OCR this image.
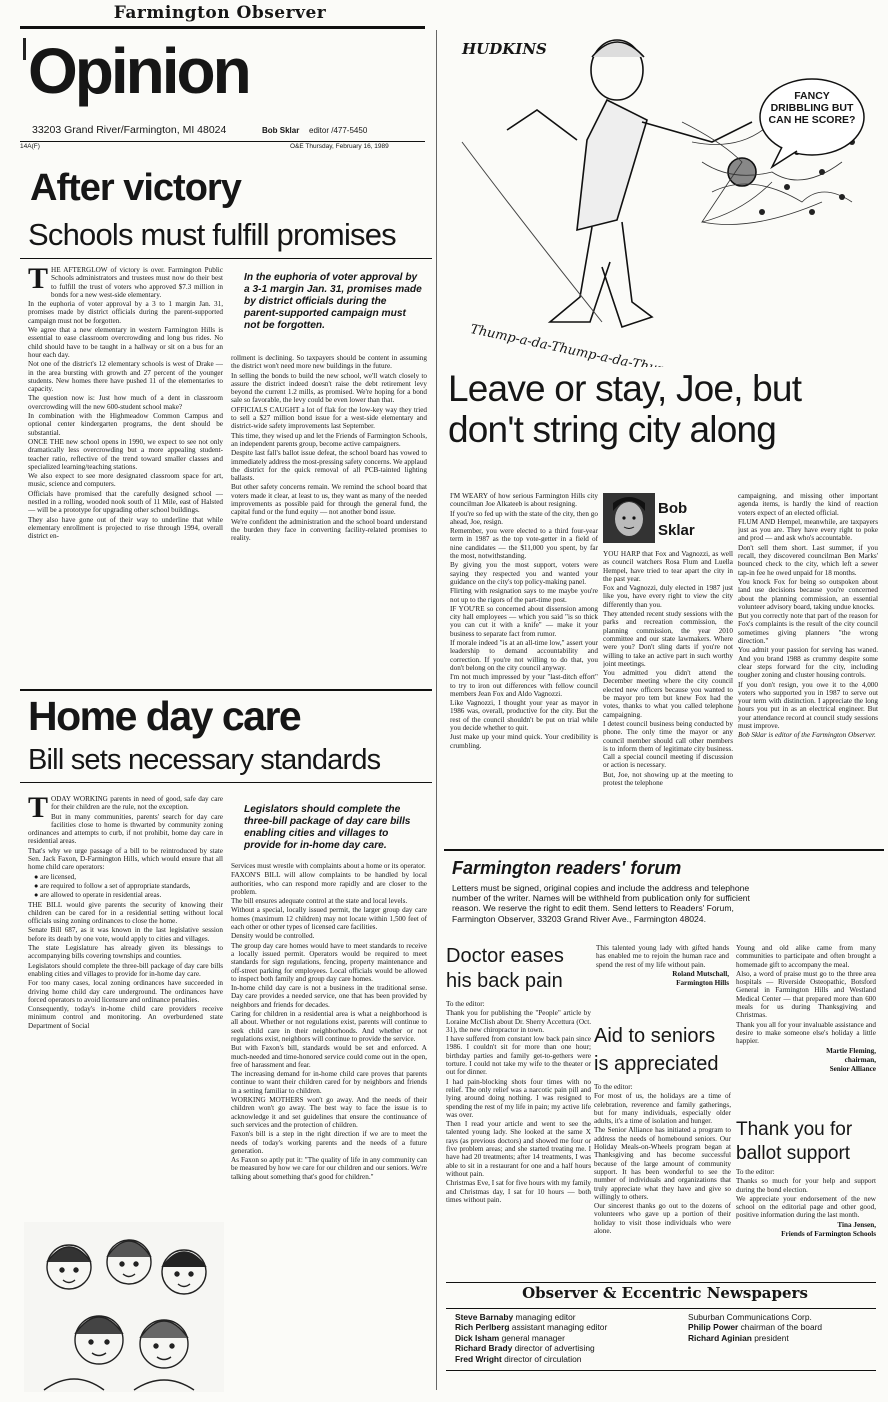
Farmington Observer
Opinion
33203 Grand River/Farmington, MI 48024	Bob Sklar editor /477-5450
14A(F)	O&E Thursday, February 16, 1989
After victory
Schools must fulfill promises
In the euphoria of voter approval by a 3-1 margin Jan. 31, promises made by district officials during the parent-supported campaign must not be forgotten.

THE AFTERGLOW of victory is over. Farmington Public Schools administrators and trustees must now do their best to fulfill the trust of voters who approved $7.3 million in bonds for a new west-side elementary.

In the euphoria of voter approval by a 3 to 1 margin Jan. 31, promises made by district officials during the parent-supported campaign must not be forgotten.

We agree that a new elementary in western Farmington Hills is essential to ease classroom overcrowding and long bus rides. No child should have to be taught in a hallway or sit on a bus for an hour each day.

Not one of the district's 12 elementary schools is west of Drake — in the area bursting with growth and 27 percent of the younger students. New homes there have pushed 11 of the elementaries to capacity.

The question now is: Just how much of a dent in classroom overcrowding will the new 600-student school make?

In combination with the Highmeadow Common Campus and optional center kindergarten programs, the dent should be substantial.

ONCE THE new school opens in 1990, we expect to see not only dramatically less overcrowding but a more appealing student-teacher ratio, reflective of the trend toward smaller classes and specialized learning/teaching stations.

We also expect to see more designated classroom space for art, music, science and computers.

Officials have promised that the carefully designed school — nestled in a rolling, wooded nook south of 11 Mile, east of Halsted — will be a prototype for upgrading other school buildings.

They also have gone out of their way to underline that while elementary enrollment is projected to rise through 1994, overall district en-

rollment is declining. So taxpayers should be content in assuming the district won't need more new buildings in the future.

In selling the bonds to build the new school, we'll watch closely to assure the district indeed doesn't raise the debt retirement levy beyond the current 1.2 mills, as promised. We're hoping for a bond sale so favorable, the levy could be even lower than that.

OFFICIALS CAUGHT a lot of flak for the low-key way they tried to sell a $27 million bond issue for a west-side elementary and district-wide safety improvements last September.

This time, they wised up and let the Friends of Farmington Schools, an independent parents group, become active campaigners.

Despite last fall's ballot issue defeat, the school board has vowed to immediately address the most-pressing safety concerns. We applaud the district for the quick removal of all PCB-tainted lighting ballasts.

But other safety concerns remain. We remind the school board that voters made it clear, at least to us, they want as many of the needed improvements as possible paid for through the general fund, the capital fund or the fund equity — not another bond issue.

We're confident the administration and the school board understand the burden they face in converting facility-related promises to reality.

Home day care
Bill sets necessary standards
Legislators should complete the three-bill package of day care bills enabling cities and villages to provide for in-home day care.

TODAY WORKING parents in need of good, safe day care for their children are the rule, not the exception.

But in many communities, parents' search for day care facilities close to home is thwarted by community zoning ordinances and attempts to curb, if not prohibit, home day care in residential areas.

That's why we urge passage of a bill to be reintroduced by state Sen. Jack Faxon, D-Farmington Hills, which would ensure that all home child care operators:

● are licensed,

● are required to follow a set of appropriate standards,

● are allowed to operate in residential areas.

THE BILL would give parents the security of knowing their children can be cared for in a residential setting without local officials using zoning ordinances to close the home.

Senate Bill 687, as it was known in the last legislative session before its death by one vote, would apply to cities and villages.

The state Legislature has already given its blessings to accompanying bills covering townships and counties.

Legislators should complete the three-bill package of day care bills enabling cities and villages to provide for in-home day care.

For too many cases, local zoning ordinances have succeeded in driving home child day care underground. The ordinances have forced operators to avoid licensure and ordinance penalties.

Consequently, today's in-home child care providers receive minimum control and monitoring. An overburdened state Department of Social

Services must wrestle with complaints about a home or its operator.

FAXON'S BILL will allow complaints to be handled by local authorities, who can respond more rapidly and are closer to the problem.

The bill ensures adequate control at the state and local levels.

Without a special, locally issued permit, the larger group day care homes (maximum 12 children) may not locate within 1,500 feet of each other or other types of licensed care facilities.

Density would be controlled.

The group day care homes would have to meet standards to receive a locally issued permit. Operators would be required to meet standards for sign regulations, fencing, property maintenance and off-street parking for employees. Local officials would be allowed to inspect both family and group day care homes.

In-home child day care is not a business in the traditional sense. Day care provides a needed service, one that has been provided by neighbors and friends for decades.

Caring for children in a residential area is what a neighborhood is all about. Whether or not regulations exist, parents will continue to seek child care in their neighborhoods. And whether or not regulations exist, neighbors will continue to provide the service.

But with Faxon's bill, standards would be set and enforced. A much-needed and time-honored service could come out in the open, free of harassment and fear.

The increasing demand for in-home child care proves that parents continue to want their children cared for by neighbors and friends in a setting familiar to children.

WORKING MOTHERS won't go away. And the needs of their children won't go away. The best way to face the issue is to acknowledge it and set guidelines that ensure the continuance of such services and the protection of children.

Faxon's bill is a step in the right direction if we are to meet the needs of today's working parents and the needs of a future generation.

As Faxon so aptly put it: "The quality of life in any community can be measured by how we care for our children and our seniors. We're talking about something that's good for children."

HUDKINS
FANCY DRIBBLING BUT CAN HE SCORE?
Leave or stay, Joe, but don't string city along
Bob
Sklar

I'M WEARY of how serious Farmington Hills city councilman Joe Alkateeb is about resigning.

If you're so fed up with the state of the city, then go ahead, Joe, resign.

Remember, you were elected to a third four-year term in 1987 as the top vote-getter in a field of nine candidates — the $11,000 you spent, by far the most, notwithstanding.

By giving you the most support, voters were saying they respected you and wanted your guidance on the city's top policy-making panel.

Flirting with resignation says to me maybe you're not up to the rigors of the part-time post.

IF YOU'RE so concerned about dissension among city hall employees — which you said "is so thick you can cut it with a knife" — make it your business to separate fact from rumor.

If morale indeed "is at an all-time low," assert your leadership to demand accountability and correction. If you're not willing to do that, you don't belong on the city council anyway.

I'm not much impressed by your "last-ditch effort" to try to iron out differences with fellow council members Jean Fox and Aldo Vagnozzi.

Like Vagnozzi, I thought your year as mayor in 1986 was, overall, productive for the city. But the rest of the council shouldn't be put on trial while you decide whether to quit.

Just make up your mind quick. Your credibility is crumbling.

YOU HARP that Fox and Vagnozzi, as well as council watchers Rosa Flum and Luella Hempel, have tried to tear apart the city in the past year.

Fox and Vagnozzi, duly elected in 1987 just like you, have every right to view the city differently than you.

They attended recent study sessions with the parks and recreation commission, the planning commission, the year 2010 committee and our state lawmakers. Where were you? Don't sling darts if you're not willing to take an active part in such worthy joint meetings.

You admitted you didn't attend the December meeting where the city council elected new officers because you wanted to be mayor pro tem but knew Fox had the votes, thanks to what you called telephone campaigning.

I detest council business being conducted by phone. The only time the mayor or any council member should call other members is to inform them of legitimate city business. Call a special council meeting if discussion or action is necessary.

But, Joe, not showing up at the meeting to protest the telephone

campaigning, and missing other important agenda items, is hardly the kind of reaction voters expect of an elected official.

FLUM AND Hempel, meanwhile, are taxpayers just as you are. They have every right to poke and prod — and ask who's accountable.

Don't sell them short. Last summer, if you recall, they discovered councilman Ben Marks' bounced check to the city, which left a sewer tap-in fee he owed unpaid for 18 months.

You knock Fox for being so outspoken about land use decisions because you're concerned about the planning commission, an essential volunteer advisory board, taking undue knocks.

But you correctly note that part of the reason for Fox's complaints is the result of the city council sometimes giving planners "the wrong direction."

You admit your passion for serving has waned. And you brand 1988 as crummy despite some clear steps forward for the city, including tougher zoning and cluster housing controls.

If you don't resign, you owe it to the 4,000 voters who supported you in 1987 to serve out your term with distinction. I appreciate the long hours you put in as an electrical engineer. But your attendance record at council study sessions must improve.

Bob Sklar is editor of the Farmington Observer.

Farmington readers' forum
Letters must be signed, original copies and include the address and telephone number of the writer. Names will be withheld from publication only for sufficient reason. We reserve the right to edit them. Send letters to Readers' Forum, Farmington Observer, 33203 Grand River Ave., Farmington 48024.
Doctor eases his back pain

To the editor:

Thank you for publishing the "People" article by Loraine McClish about Dr. Sherry Accettura (Oct. 31), the new chiropractor in town.

I have suffered from constant low back pain since 1986. I couldn't sit for more than one hour; birthday parties and family get-to-gethers were torture. I could not take my wife to the theater or out for dinner.

I had pain-blocking shots four times with no relief. The only relief was a narcotic pain pill and lying around doing nothing. I was resigned to spending the rest of my life in pain; my active life was over.

Then I read your article and went to see the talented young lady. She looked at the same X rays (as previous doctors) and showed me four or five problem areas; and she started treating me. I have had 20 treatments; after 14 treatments, I was able to sit in a restaurant for one and a half hours without pain.

Christmas Eve, I sat for five hours with my family and Christmas day, I sat for 10 hours — both times without pain.

This talented young lady with gifted hands has enabled me to rejoin the human race and spend the rest of my life without pain.

Roland Mutschall,

Farmington Hills

Aid to seniors is appreciated

To the editor:

For most of us, the holidays are a time of celebration, reverence and family gatherings, but for many individuals, especially older adults, it's a time of isolation and hunger.

The Senior Alliance has initiated a program to address the needs of homebound seniors. Our Holiday Meals-on-Wheels program began at Thanksgiving and has become successful because of the large amount of community support. It has been wonderful to see the number of individuals and organizations that truly appreciate what they have and give so willingly to others.

Our sincerest thanks go out to the dozens of volunteers who gave up a portion of their holiday to visit those individuals who were alone.

Young and old alike came from many communities to participate and often brought a homemade gift to accompany the meal.

Also, a word of praise must go to the three area hospitals — Riverside Osteopathic, Botsford General in Farmington Hills and Westland Medical Center — that prepared more than 600 meals for us during Thanksgiving and Christmas.

Thank you all for your invaluable assistance and desire to make someone else's holiday a little happier.

Martie Fleming,

chairman,

Senior Alliance

Thank you for ballot support

To the editor:

Thanks so much for your help and support during the bond election.

We appreciate your endorsement of the new school on the editorial page and other good, positive information during the last month.

Tina Jensen,

Friends of Farmington Schools

Observer & Eccentric Newspapers
Steve Barnaby managing editor
Rich Perlberg assistant managing editor
Dick Isham general manager
Richard Brady director of advertising
Fred Wright director of circulation
Suburban Communications Corp.
Philip Power chairman of the board
Richard Aginian president
